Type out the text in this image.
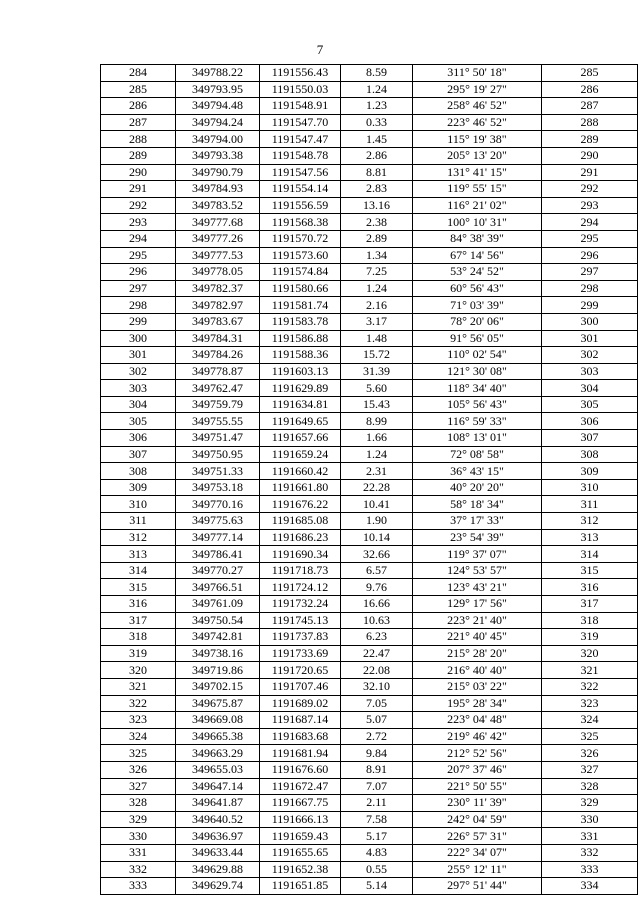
7
284	349788.22	1191556.43	8.59	311° 50' 18"	285
285	349793.95	1191550.03	1.24	295° 19' 27"	286
286	349794.48	1191548.91	1.23	258° 46' 52"	287
287	349794.24	1191547.70	0.33	223° 46' 52"	288
288	349794.00	1191547.47	1.45	115° 19' 38"	289
289	349793.38	1191548.78	2.86	205° 13' 20"	290
290	349790.79	1191547.56	8.81	131° 41' 15"	291
291	349784.93	1191554.14	2.83	119° 55' 15"	292
292	349783.52	1191556.59	13.16	116° 21' 02"	293
293	349777.68	1191568.38	2.38	100° 10' 31"	294
294	349777.26	1191570.72	2.89	84° 38' 39"	295
295	349777.53	1191573.60	1.34	67° 14' 56"	296
296	349778.05	1191574.84	7.25	53° 24' 52"	297
297	349782.37	1191580.66	1.24	60° 56' 43"	298
298	349782.97	1191581.74	2.16	71° 03' 39"	299
299	349783.67	1191583.78	3.17	78° 20' 06"	300
300	349784.31	1191586.88	1.48	91° 56' 05"	301
301	349784.26	1191588.36	15.72	110° 02' 54"	302
302	349778.87	1191603.13	31.39	121° 30' 08"	303
303	349762.47	1191629.89	5.60	118° 34' 40"	304
304	349759.79	1191634.81	15.43	105° 56' 43"	305
305	349755.55	1191649.65	8.99	116° 59' 33"	306
306	349751.47	1191657.66	1.66	108° 13' 01"	307
307	349750.95	1191659.24	1.24	72° 08' 58"	308
308	349751.33	1191660.42	2.31	36° 43' 15"	309
309	349753.18	1191661.80	22.28	40° 20' 20"	310
310	349770.16	1191676.22	10.41	58° 18' 34"	311
311	349775.63	1191685.08	1.90	37° 17' 33"	312
312	349777.14	1191686.23	10.14	23° 54' 39"	313
313	349786.41	1191690.34	32.66	119° 37' 07"	314
314	349770.27	1191718.73	6.57	124° 53' 57"	315
315	349766.51	1191724.12	9.76	123° 43' 21"	316
316	349761.09	1191732.24	16.66	129° 17' 56"	317
317	349750.54	1191745.13	10.63	223° 21' 40"	318
318	349742.81	1191737.83	6.23	221° 40' 45"	319
319	349738.16	1191733.69	22.47	215° 28' 20"	320
320	349719.86	1191720.65	22.08	216° 40' 40"	321
321	349702.15	1191707.46	32.10	215° 03' 22"	322
322	349675.87	1191689.02	7.05	195° 28' 34"	323
323	349669.08	1191687.14	5.07	223° 04' 48"	324
324	349665.38	1191683.68	2.72	219° 46' 42"	325
325	349663.29	1191681.94	9.84	212° 52' 56"	326
326	349655.03	1191676.60	8.91	207° 37' 46"	327
327	349647.14	1191672.47	7.07	221° 50' 55"	328
328	349641.87	1191667.75	2.11	230° 11' 39"	329
329	349640.52	1191666.13	7.58	242° 04' 59"	330
330	349636.97	1191659.43	5.17	226° 57' 31"	331
331	349633.44	1191655.65	4.83	222° 34' 07"	332
332	349629.88	1191652.38	0.55	255° 12' 11"	333
333	349629.74	1191651.85	5.14	297° 51' 44"	334
